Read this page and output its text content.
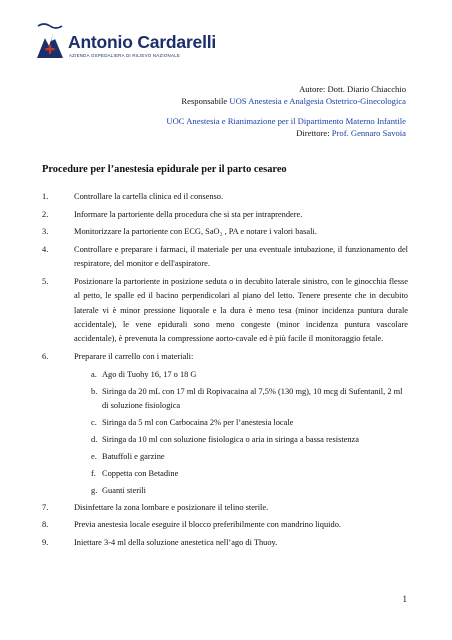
Antonio Cardarelli
AZIENDA OSPEDALIERA DI RILIEVO NAZIONALE
Autore: Dott. Diario Chiacchio
Responsabile UOS Anestesia e Analgesia Ostetrico-Ginecologica
UOC Anestesia e Rianimazione per il Dipartimento Materno Infantile
Direttore: Prof. Gennaro Savoia
Procedure per l’anestesia epidurale per il parto cesareo
1.	Controllare la cartella clinica ed il consenso.
2.	Informare la partoriente della procedura che si sta per intraprendere.
3.	Monitorizzare la partoriente con ECG, SaO₂ , PA e notare i valori basali.
4.	Controllare e preparare i farmaci, il materiale per una eventuale intubazione, il funzionamento del respiratore, del monitor e dell'aspiratore.
5.	Posizionare la partoriente in posizione seduta o in decubito laterale sinistro, con le ginocchia flesse al petto, le spalle ed il bacino perpendicolari al piano del letto. Tenere presente che in decubito laterale vi è minor pressione liquorale e la dura è meno tesa (minor incidenza puntura durale accidentale), le vene epidurali sono meno congeste (minor incidenza puntura vascolare accidentale), è prevenuta la compressione aorto-cavale ed è più facile il monitoraggio fetale.
6.	Preparare il carrello con i materiali:
a. Ago di Tuohy 16, 17 o 18 G
b. Siringa da 20 mL con 17 ml di Ropivacaina al 7,5% (130 mg), 10 mcg di Sufentanil, 2 ml di soluzione fisiologica
c. Siringa da 5 ml con Carbocaina 2% per l’anestesia locale
d. Siringa da 10 ml con soluzione fisiologica o aria in siringa a bassa resistenza
e. Batuffoli e garzine
f. Coppetta con Betadine
g. Guanti sterili
7.	Disinfettare la zona lombare e posizionare il telino sterile.
8.	Previa anestesia locale eseguire il blocco preferibilmente con mandrino liquido.
9.	Iniettare 3-4 ml della soluzione anestetica nell’ago di Thuoy.
1
